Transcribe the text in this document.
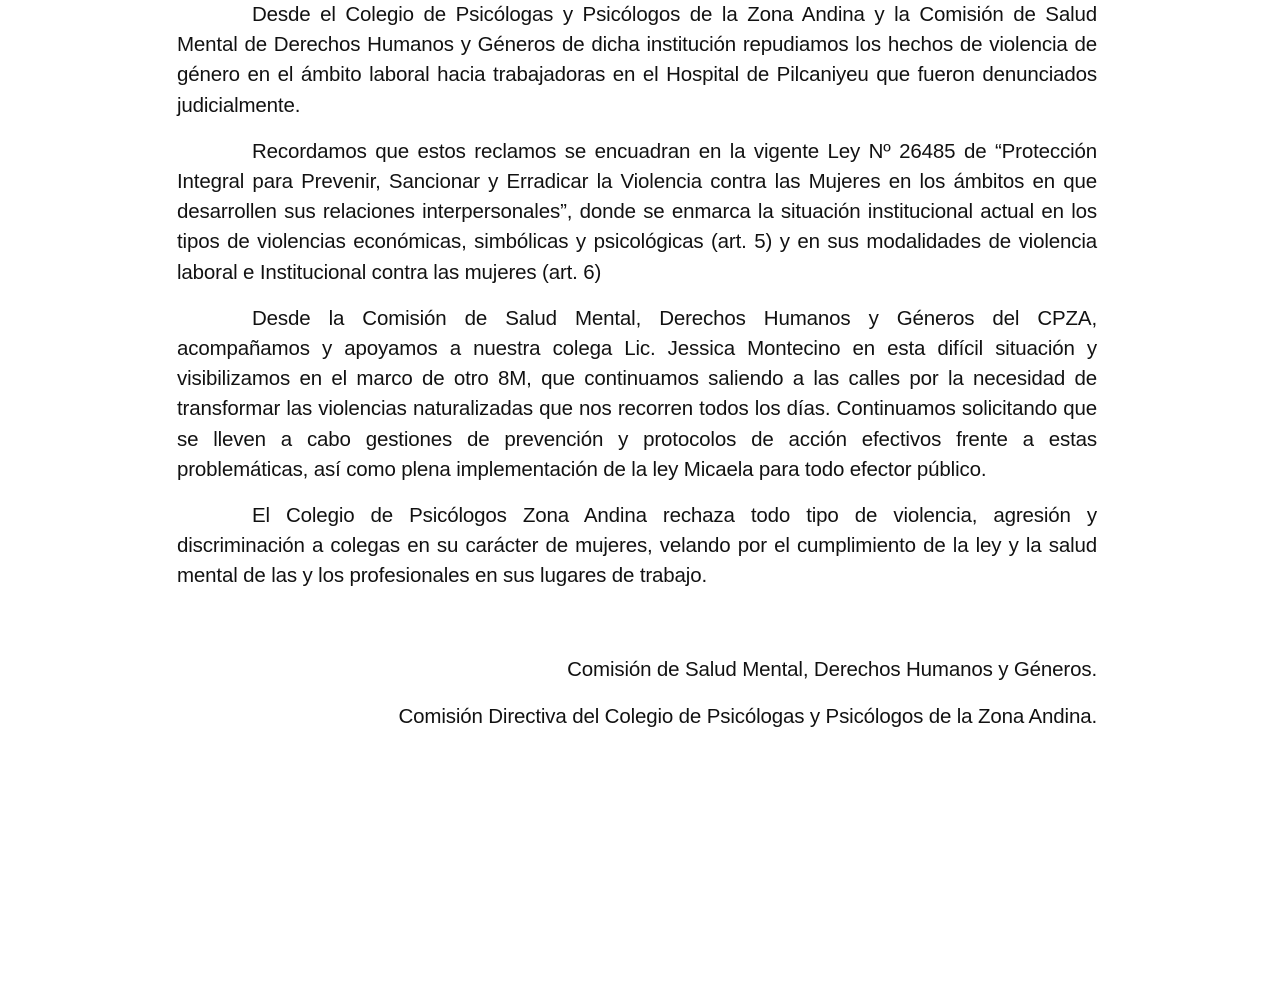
Desde el Colegio de Psicólogas y Psicólogos de la Zona Andina y la Comisión de Salud Mental de Derechos Humanos y Géneros de dicha institución repudiamos los hechos de violencia de género en el ámbito laboral hacia trabajadoras en el Hospital de Pilcaniyeu que fueron denunciados judicialmente.

Recordamos que estos reclamos se encuadran en la vigente Ley Nº 26485 de “Protección Integral para Prevenir, Sancionar y Erradicar la Violencia contra las Mujeres en los ámbitos en que desarrollen sus relaciones interpersonales”, donde se enmarca la situación institucional actual en los tipos de violencias económicas, simbólicas y psicológicas (art. 5) y en sus modalidades de violencia laboral e Institucional contra las mujeres (art. 6)

Desde la Comisión de Salud Mental, Derechos Humanos y Géneros del CPZA, acompañamos y apoyamos a nuestra colega Lic. Jessica Montecino en esta difícil situación y visibilizamos en el marco de otro 8M, que continuamos saliendo a las calles por la necesidad de transformar las violencias naturalizadas que nos recorren todos los días. Continuamos solicitando que se lleven a cabo gestiones de prevención y protocolos de acción efectivos frente a estas problemáticas, así como plena implementación de la ley Micaela para todo efector público.

El Colegio de Psicólogos Zona Andina rechaza todo tipo de violencia, agresión y discriminación a colegas en su carácter de mujeres, velando por el cumplimiento de la ley y la salud mental de las y los profesionales en sus lugares de trabajo.

Comisión de Salud Mental, Derechos Humanos y Géneros.

Comisión Directiva del Colegio de Psicólogas y Psicólogos de la Zona Andina.
